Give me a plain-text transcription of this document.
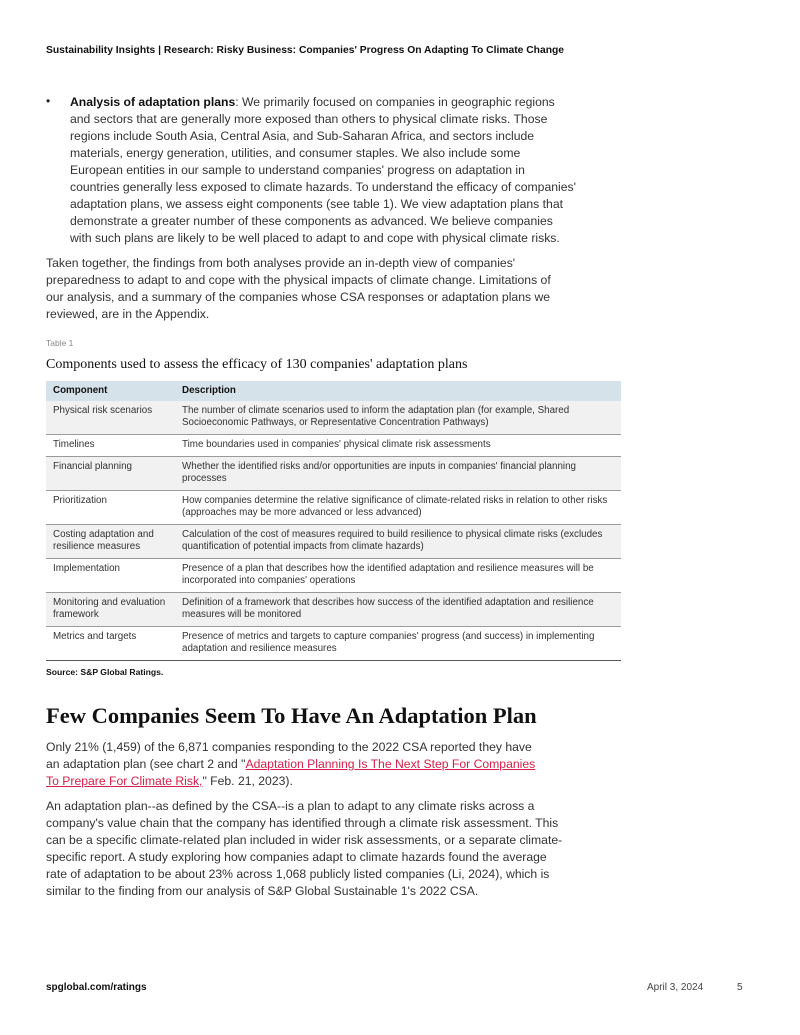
Sustainability Insights | Research: Risky Business: Companies' Progress On Adapting To Climate Change
• Analysis of adaptation plans: We primarily focused on companies in geographic regions and sectors that are generally more exposed than others to physical climate risks. Those regions include South Asia, Central Asia, and Sub-Saharan Africa, and sectors include materials, energy generation, utilities, and consumer staples. We also include some European entities in our sample to understand companies' progress on adaptation in countries generally less exposed to climate hazards. To understand the efficacy of companies' adaptation plans, we assess eight components (see table 1). We view adaptation plans that demonstrate a greater number of these components as advanced. We believe companies with such plans are likely to be well placed to adapt to and cope with physical climate risks.

Taken together, the findings from both analyses provide an in-depth view of companies' preparedness to adapt to and cope with the physical impacts of climate change. Limitations of our analysis, and a summary of the companies whose CSA responses or adaptation plans we reviewed, are in the Appendix.

Table 1
Components used to assess the efficacy of 130 companies' adaptation plans
Component	Description
Physical risk scenarios	The number of climate scenarios used to inform the adaptation plan (for example, Shared Socioeconomic Pathways, or Representative Concentration Pathways)
Timelines	Time boundaries used in companies' physical climate risk assessments
Financial planning	Whether the identified risks and/or opportunities are inputs in companies' financial planning processes
Prioritization	How companies determine the relative significance of climate-related risks in relation to other risks (approaches may be more advanced or less advanced)
Costing adaptation and resilience measures	Calculation of the cost of measures required to build resilience to physical climate risks (excludes quantification of potential impacts from climate hazards)
Implementation	Presence of a plan that describes how the identified adaptation and resilience measures will be incorporated into companies' operations
Monitoring and evaluation framework	Definition of a framework that describes how success of the identified adaptation and resilience measures will be monitored
Metrics and targets	Presence of metrics and targets to capture companies' progress (and success) in implementing adaptation and resilience measures
Source: S&P Global Ratings.
Few Companies Seem To Have An Adaptation Plan

Only 21% (1,459) of the 6,871 companies responding to the 2022 CSA reported they have an adaptation plan (see chart 2 and "Adaptation Planning Is The Next Step For Companies To Prepare For Climate Risk," Feb. 21, 2023).

An adaptation plan--as defined by the CSA--is a plan to adapt to any climate risks across a company's value chain that the company has identified through a climate risk assessment. This can be a specific climate-related plan included in wider risk assessments, or a separate climate-specific report. A study exploring how companies adapt to climate hazards found the average rate of adaptation to be about 23% across 1,068 publicly listed companies (Li, 2024), which is similar to the finding from our analysis of S&P Global Sustainable 1's 2022 CSA.

spglobal.com/ratings	April 3, 2024	5
